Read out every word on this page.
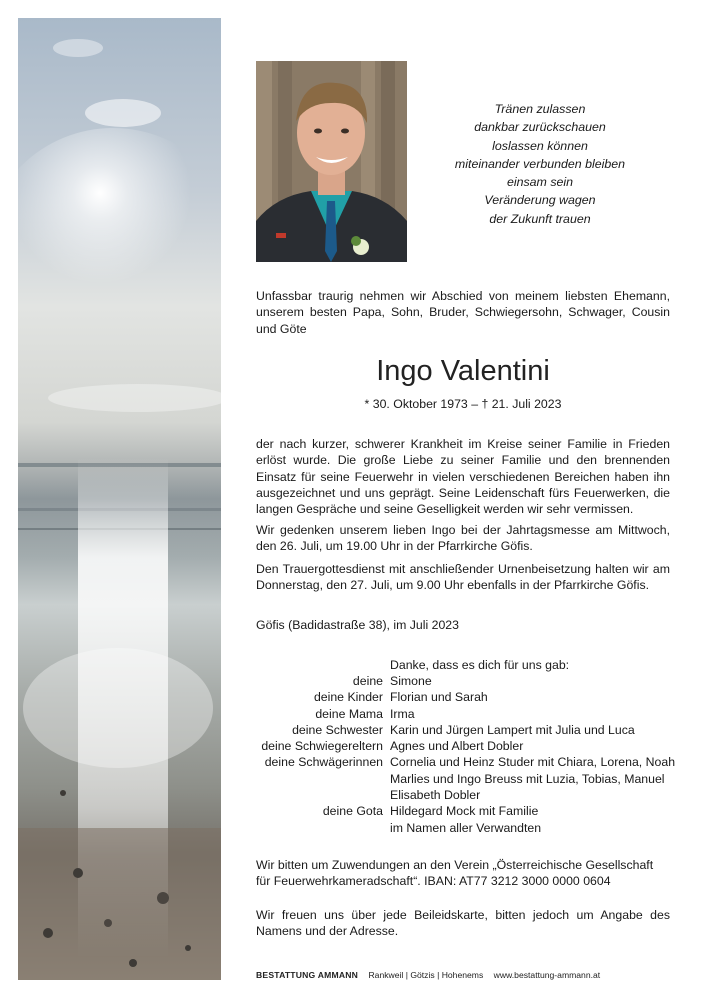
Tränen zulassen
dankbar zurückschauen
loslassen können
miteinander verbunden bleiben
einsam sein
Veränderung wagen
der Zukunft trauen
Unfassbar traurig nehmen wir Abschied von meinem liebsten Ehemann, unserem besten Papa, Sohn, Bruder, Schwiegersohn, Schwager, Cousin und Göte
Ingo Valentini
* 30. Oktober 1973 – † 21. Juli 2023
der nach kurzer, schwerer Krankheit im Kreise seiner Familie in Frieden erlöst wurde. Die große Liebe zu seiner Familie und den brennenden Einsatz für seine Feuerwehr in vielen verschiedenen Bereichen haben ihn ausgezeichnet und uns geprägt. Seine Leidenschaft fürs Feuerwerken, die langen Gespräche und seine Geselligkeit werden wir sehr vermissen.
Wir gedenken unserem lieben Ingo bei der Jahrtagsmesse am Mittwoch, den 26. Juli, um 19.00 Uhr in der Pfarrkirche Göfis.
Den Trauergottesdienst mit anschließender Urnenbeisetzung halten wir am Donnerstag, den 27. Juli, um 9.00 Uhr ebenfalls in der Pfarrkirche Göfis.
Göfis (Badidastraße 38), im Juli 2023
Danke, dass es dich für uns gab:
deine Simone
deine Kinder Florian und Sarah
deine Mama Irma
deine Schwester Karin und Jürgen Lampert mit Julia und Luca
deine Schwiegereltern Agnes und Albert Dobler
deine Schwägerinnen Cornelia und Heinz Studer mit Chiara, Lorena, Noah
Marlies und Ingo Breuss mit Luzia, Tobias, Manuel
Elisabeth Dobler
deine Gota Hildegard Mock mit Familie
im Namen aller Verwandten
Wir bitten um Zuwendungen an den Verein „Österreichische Gesellschaft für Feuerwehrkameradschaft“. IBAN: AT77 3212 3000 0000 0604
Wir freuen uns über jede Beileidskarte, bitten jedoch um Angabe des Namens und der Adresse.
BESTATTUNG AMMANN Rankweil | Götzis | Hohenems www.bestattung-ammann.at
